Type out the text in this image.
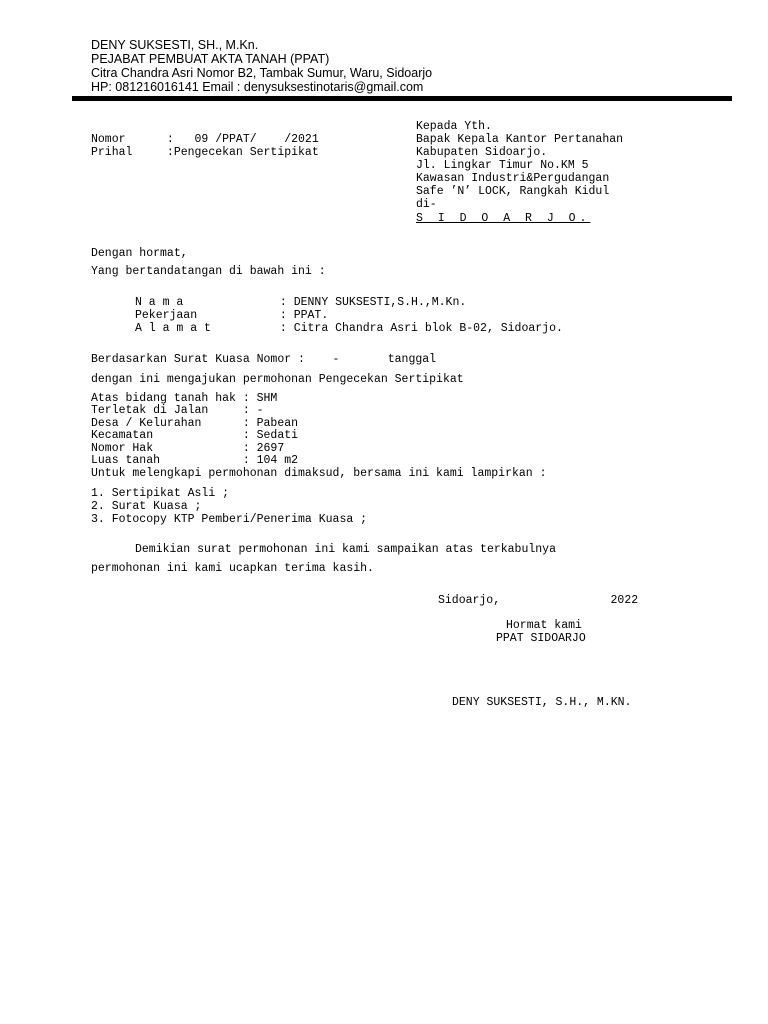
DENY SUKSESTI, SH., M.Kn.
PEJABAT PEMBUAT AKTA TANAH (PPAT)
Citra Chandra Asri Nomor B2, Tambak Sumur, Waru, Sidoarjo
HP: 081216016141 Email : denysuksestinotaris@gmail.com
Kepada Yth.
Bapak Kepala Kantor Pertanahan
Kabupaten Sidoarjo.
Jl. Lingkar Timur No.KM 5
Kawasan Industri&Pergudangan
Safe ’N’ LOCK, Rangkah Kidul
di-
S I D O A R J O.
Nomor      :   09 /PPAT/    /2021
Prihal     :Pengecekan Sertipikat
Dengan hormat,
Yang bertandatangan di bawah ini :
N a m a              : DENNY SUKSESTI,S.H.,M.Kn.
Pekerjaan            : PPAT.
A l a m a t          : Citra Chandra Asri blok B-02, Sidoarjo.
Berdasarkan Surat Kuasa Nomor :    -       tanggal
dengan ini mengajukan permohonan Pengecekan Sertipikat
Atas bidang tanah hak : SHM
Terletak di Jalan     : -
Desa / Kelurahan      : Pabean
Kecamatan             : Sedati
Nomor Hak             : 2697
Luas tanah            : 104 m2
Untuk melengkapi permohonan dimaksud, bersama ini kami lampirkan :
1. Sertipikat Asli ;
2. Surat Kuasa ;
3. Fotocopy KTP Pemberi/Penerima Kuasa ;
Demikian surat permohonan ini kami sampaikan atas terkabulnya
permohonan ini kami ucapkan terima kasih.
Sidoarjo,                2022
Hormat kami
PPAT SIDOARJO
DENY SUKSESTI, S.H., M.KN.
